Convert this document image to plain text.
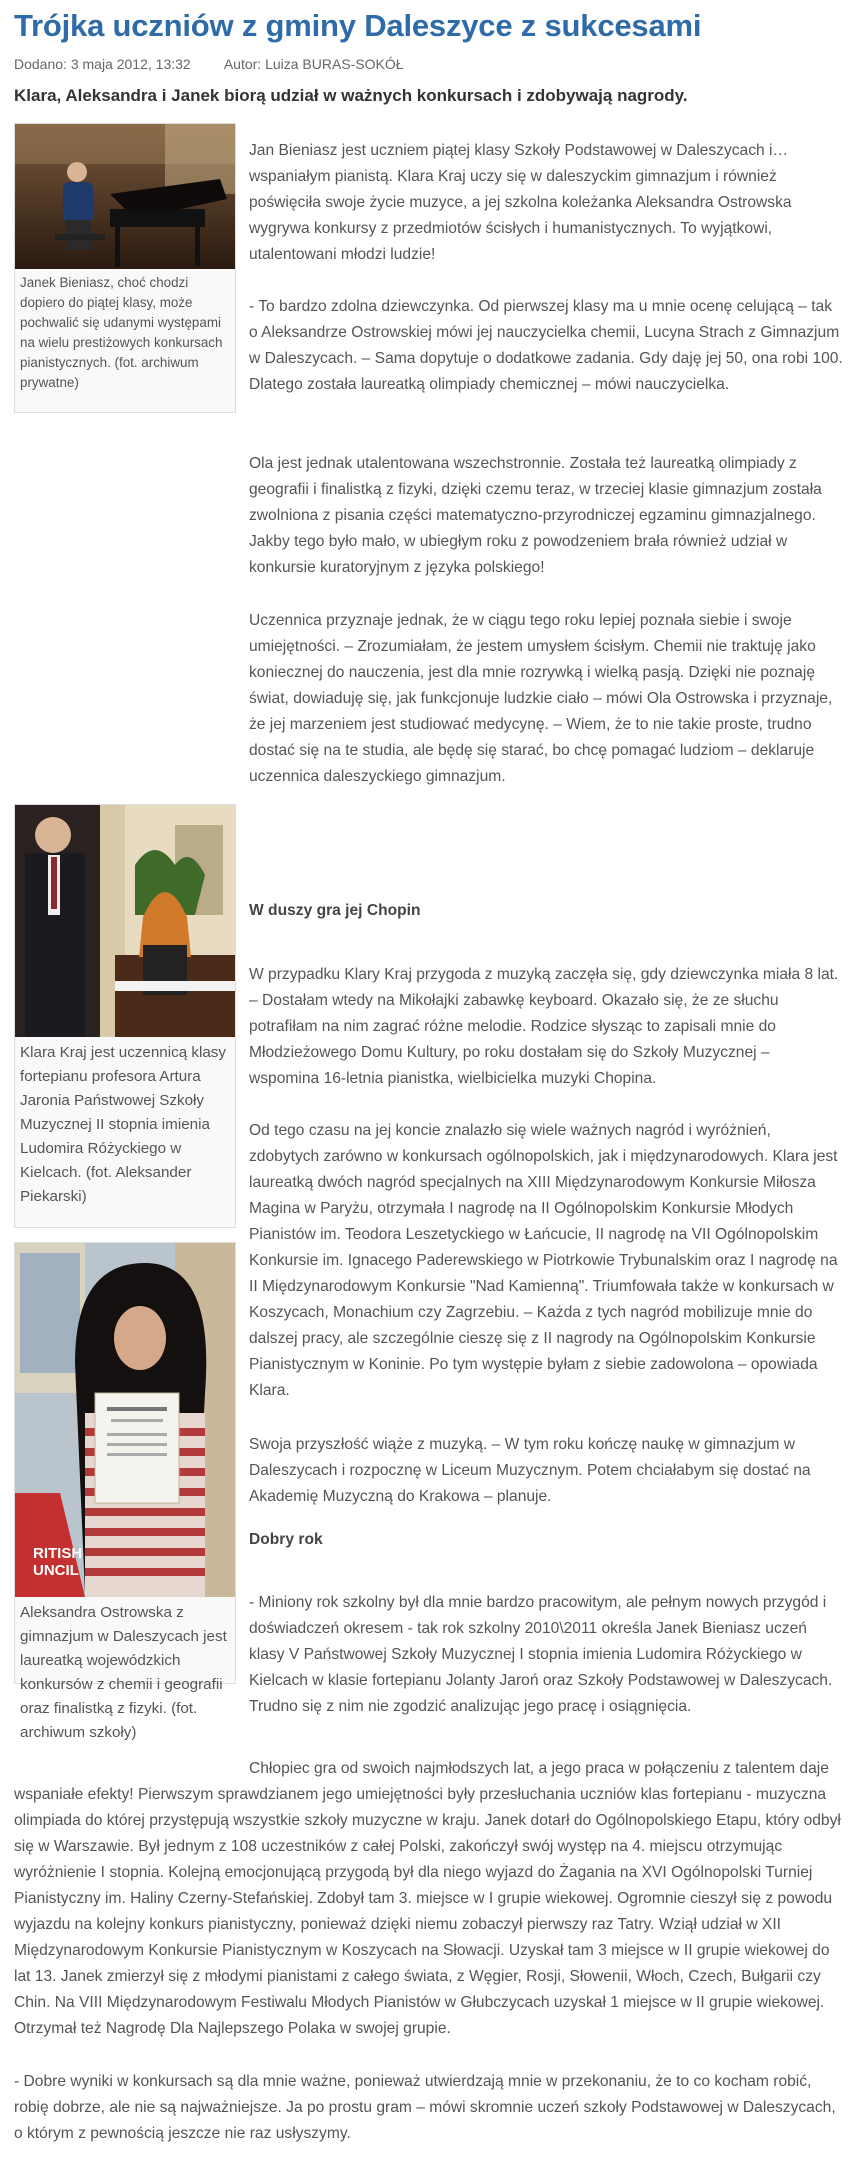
Trójka uczniów z gminy Daleszyce z sukcesami
Dodano: 3 maja 2012, 13:32 Autor: Luiza BURAS-SOKÓŁ

Klara, Aleksandra i Janek biorą udział w ważnych konkursach i zdobywają nagrody.

Janek Bieniasz, choć chodzi dopiero do piątej klasy, może pochwalić się udanymi występami na wielu prestiżowych konkursach pianistycznych. (fot. archiwum prywatne)
Klara Kraj jest uczennicą klasy fortepianu profesora Artura Jaronia Państwowej Szkoły Muzycznej II stopnia imienia Ludomira Różyckiego w Kielcach. (fot. Aleksander Piekarski)
RITISH
UNCIL
Aleksandra Ostrowska z gimnazjum w Daleszycach jest laureatką wojewódzkich konkursów z chemii i geografii oraz finalistką z fizyki. (fot. archiwum szkoły)

Jan Bieniasz jest uczniem piątej klasy Szkoły Podstawowej w Daleszycach i… wspaniałym pianistą. Klara Kraj uczy się w daleszyckim gimnazjum i również poświęciła swoje życie muzyce, a jej szkolna koleżanka Aleksandra Ostrowska wygrywa konkursy z przedmiotów ścisłych i humanistycznych. To wyjątkowi, utalentowani młodzi ludzie!

- To bardzo zdolna dziewczynka. Od pierwszej klasy ma u mnie ocenę celującą – tak o Aleksandrze Ostrowskiej mówi jej nauczycielka chemii, Lucyna Strach z Gimnazjum w Daleszycach. – Sama dopytuje o dodatkowe zadania. Gdy daję jej 50, ona robi 100. Dlatego została laureatką olimpiady chemicznej – mówi nauczycielka.

Ola jest jednak utalentowana wszechstronnie. Została też laureatką olimpiady z geografii i finalistką z fizyki, dzięki czemu teraz, w trzeciej klasie gimnazjum została zwolniona z pisania części matematyczno-przyrodniczej egzaminu gimnazjalnego. Jakby tego było mało, w ubiegłym roku z powodzeniem brała również udział w konkursie kuratoryjnym z języka polskiego!

Uczennica przyznaje jednak, że w ciągu tego roku lepiej poznała siebie i swoje umiejętności. – Zrozumiałam, że jestem umysłem ścisłym. Chemii nie traktuję jako koniecznej do nauczenia, jest dla mnie rozrywką i wielką pasją. Dzięki nie poznaję świat, dowiaduję się, jak funkcjonuje ludzkie ciało – mówi Ola Ostrowska i przyznaje, że jej marzeniem jest studiować medycynę. – Wiem, że to nie takie proste, trudno dostać się na te studia, ale będę się starać, bo chcę pomagać ludziom – deklaruje uczennica daleszyckiego gimnazjum.

W duszy gra jej Chopin

W przypadku Klary Kraj przygoda z muzyką zaczęła się, gdy dziewczynka miała 8 lat. – Dostałam wtedy na Mikołajki zabawkę keyboard. Okazało się, że ze słuchu potrafiłam na nim zagrać różne melodie. Rodzice słysząc to zapisali mnie do Młodzieżowego Domu Kultury, po roku dostałam się do Szkoły Muzycznej – wspomina 16-letnia pianistka, wielbicielka muzyki Chopina.

Od tego czasu na jej koncie znalazło się wiele ważnych nagród i wyróżnień, zdobytych zarówno w konkursach ogólnopolskich, jak i międzynarodowych. Klara jest laureatką dwóch nagród specjalnych na XIII Międzynarodowym Konkursie Miłosza Magina w Paryżu, otrzymała I nagrodę na II Ogólnopolskim Konkursie Młodych Pianistów im. Teodora Leszetyckiego w Łańcucie, II nagrodę na VII Ogólnopolskim Konkursie im. Ignacego Paderewskiego w Piotrkowie Trybunalskim oraz I nagrodę na II Międzynarodowym Konkursie "Nad Kamienną". Triumfowała także w konkursach w Koszycach, Monachium czy Zagrzebiu. – Każda z tych nagród mobilizuje mnie do dalszej pracy, ale szczególnie cieszę się z II nagrody na Ogólnopolskim Konkursie Pianistycznym w Koninie. Po tym występie byłam z siebie zadowolona – opowiada Klara.

Swoja przyszłość wiąże z muzyką. – W tym roku kończę naukę w gimnazjum w Daleszycach i rozpocznę w Liceum Muzycznym. Potem chciałabym się dostać na Akademię Muzyczną do Krakowa – planuje.

Dobry rok

- Miniony rok szkolny był dla mnie bardzo pracowitym, ale pełnym nowych przygód i doświadczeń okresem - tak rok szkolny 2010\2011 określa Janek Bieniasz uczeń klasy V Państwowej Szkoły Muzycznej I stopnia imienia Ludomira Różyckiego w Kielcach w klasie fortepianu Jolanty Jaroń oraz Szkoły Podstawowej w Daleszycach. Trudno się z nim nie zgodzić analizując jego pracę i osiągnięcia.

Chłopiec gra od swoich najmłodszych lat, a jego praca w połączeniu z talentem daje wspaniałe efekty! Pierwszym sprawdzianem jego umiejętności były przesłuchania uczniów klas fortepianu - muzyczna olimpiada do której przystępują wszystkie szkoły muzyczne w kraju. Janek dotarł do Ogólnopolskiego Etapu, który odbył się w Warszawie. Był jednym z 108 uczestników z całej Polski, zakończył swój występ na 4. miejscu otrzymując wyróżnienie I stopnia. Kolejną emocjonującą przygodą był dla niego wyjazd do Żagania na XVI Ogólnopolski Turniej Pianistyczny im. Haliny Czerny-Stefańskiej. Zdobył tam 3. miejsce w I grupie wiekowej. Ogromnie cieszył się z powodu wyjazdu na kolejny konkurs pianistyczny, ponieważ dzięki niemu zobaczył pierwszy raz Tatry. Wziął udział w XII Międzynarodowym Konkursie Pianistycznym w Koszycach na Słowacji. Uzyskał tam 3 miejsce w II grupie wiekowej do lat 13. Janek zmierzył się z młodymi pianistami z całego świata, z Węgier, Rosji, Słowenii, Włoch, Czech, Bułgarii czy Chin. Na VIII Międzynarodowym Festiwalu Młodych Pianistów w Głubczycach uzyskał 1 miejsce w II grupie wiekowej. Otrzymał też Nagrodę Dla Najlepszego Polaka w swojej grupie.

- Dobre wyniki w konkursach są dla mnie ważne, ponieważ utwierdzają mnie w przekonaniu, że to co kocham robić, robię dobrze, ale nie są najważniejsze. Ja po prostu gram – mówi skromnie uczeń szkoły Podstawowej w Daleszycach, o którym z pewnością jeszcze nie raz usłyszymy.
